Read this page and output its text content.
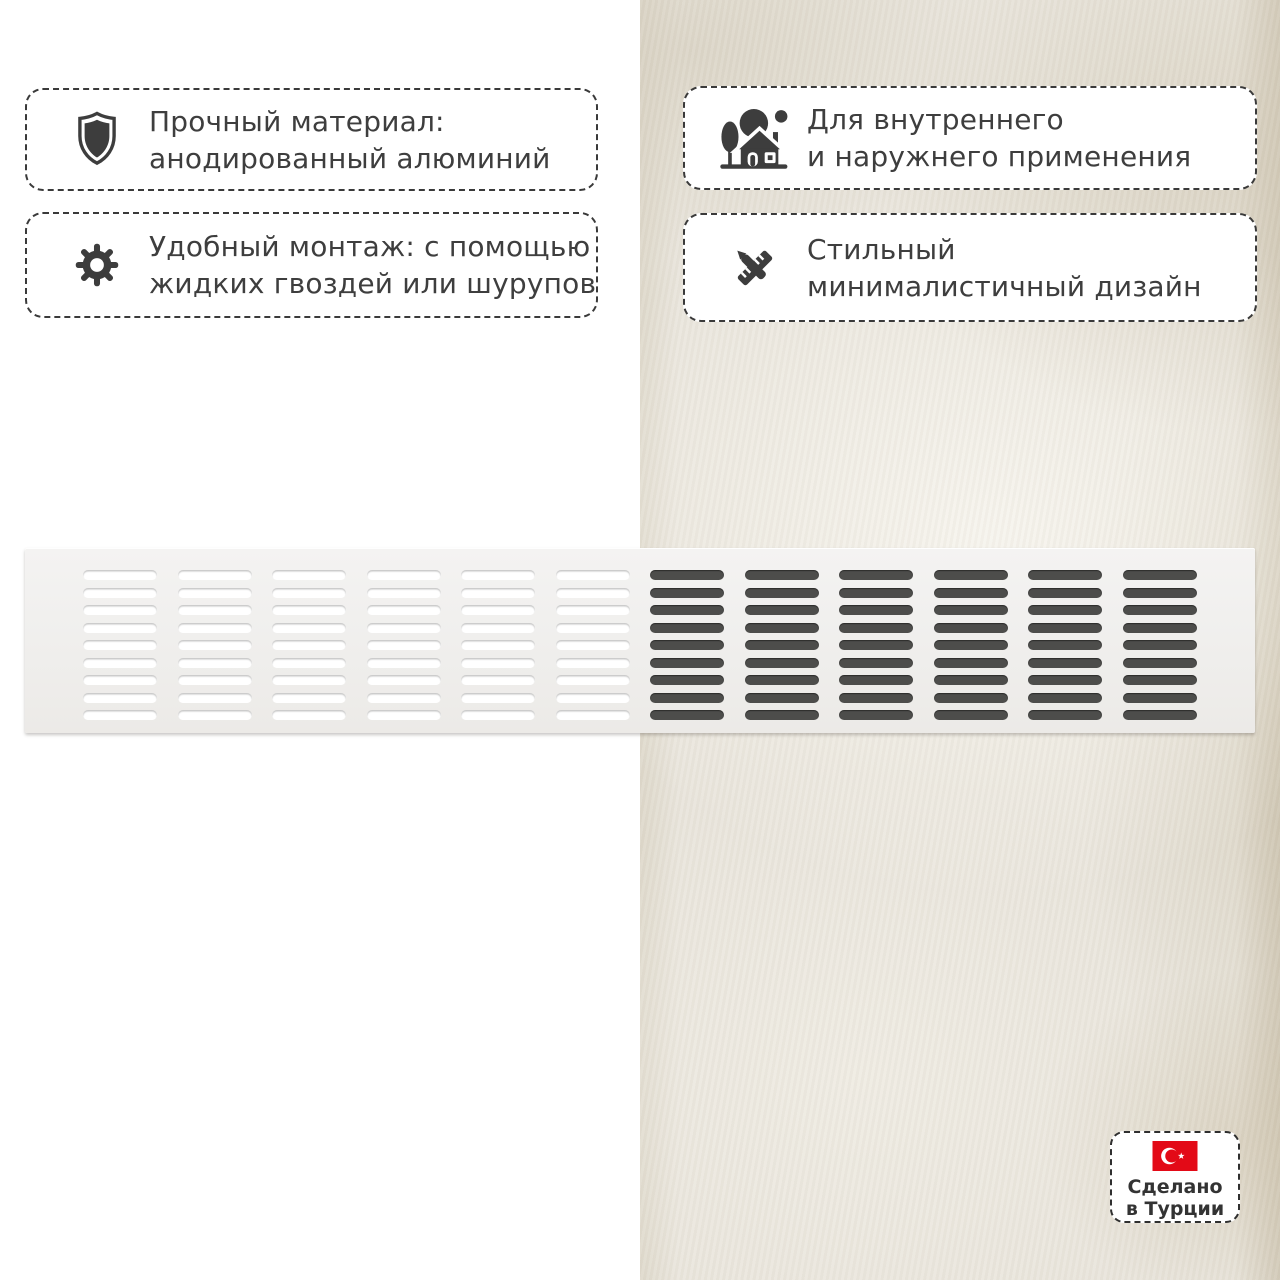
Прочный материал:
анодированный алюминий
Удобный монтаж: с помощью
жидких гвоздей или шурупов
Для внутреннего
и наружнего применения
Стильный
минималистичный дизайн
Сделано
в Турции
